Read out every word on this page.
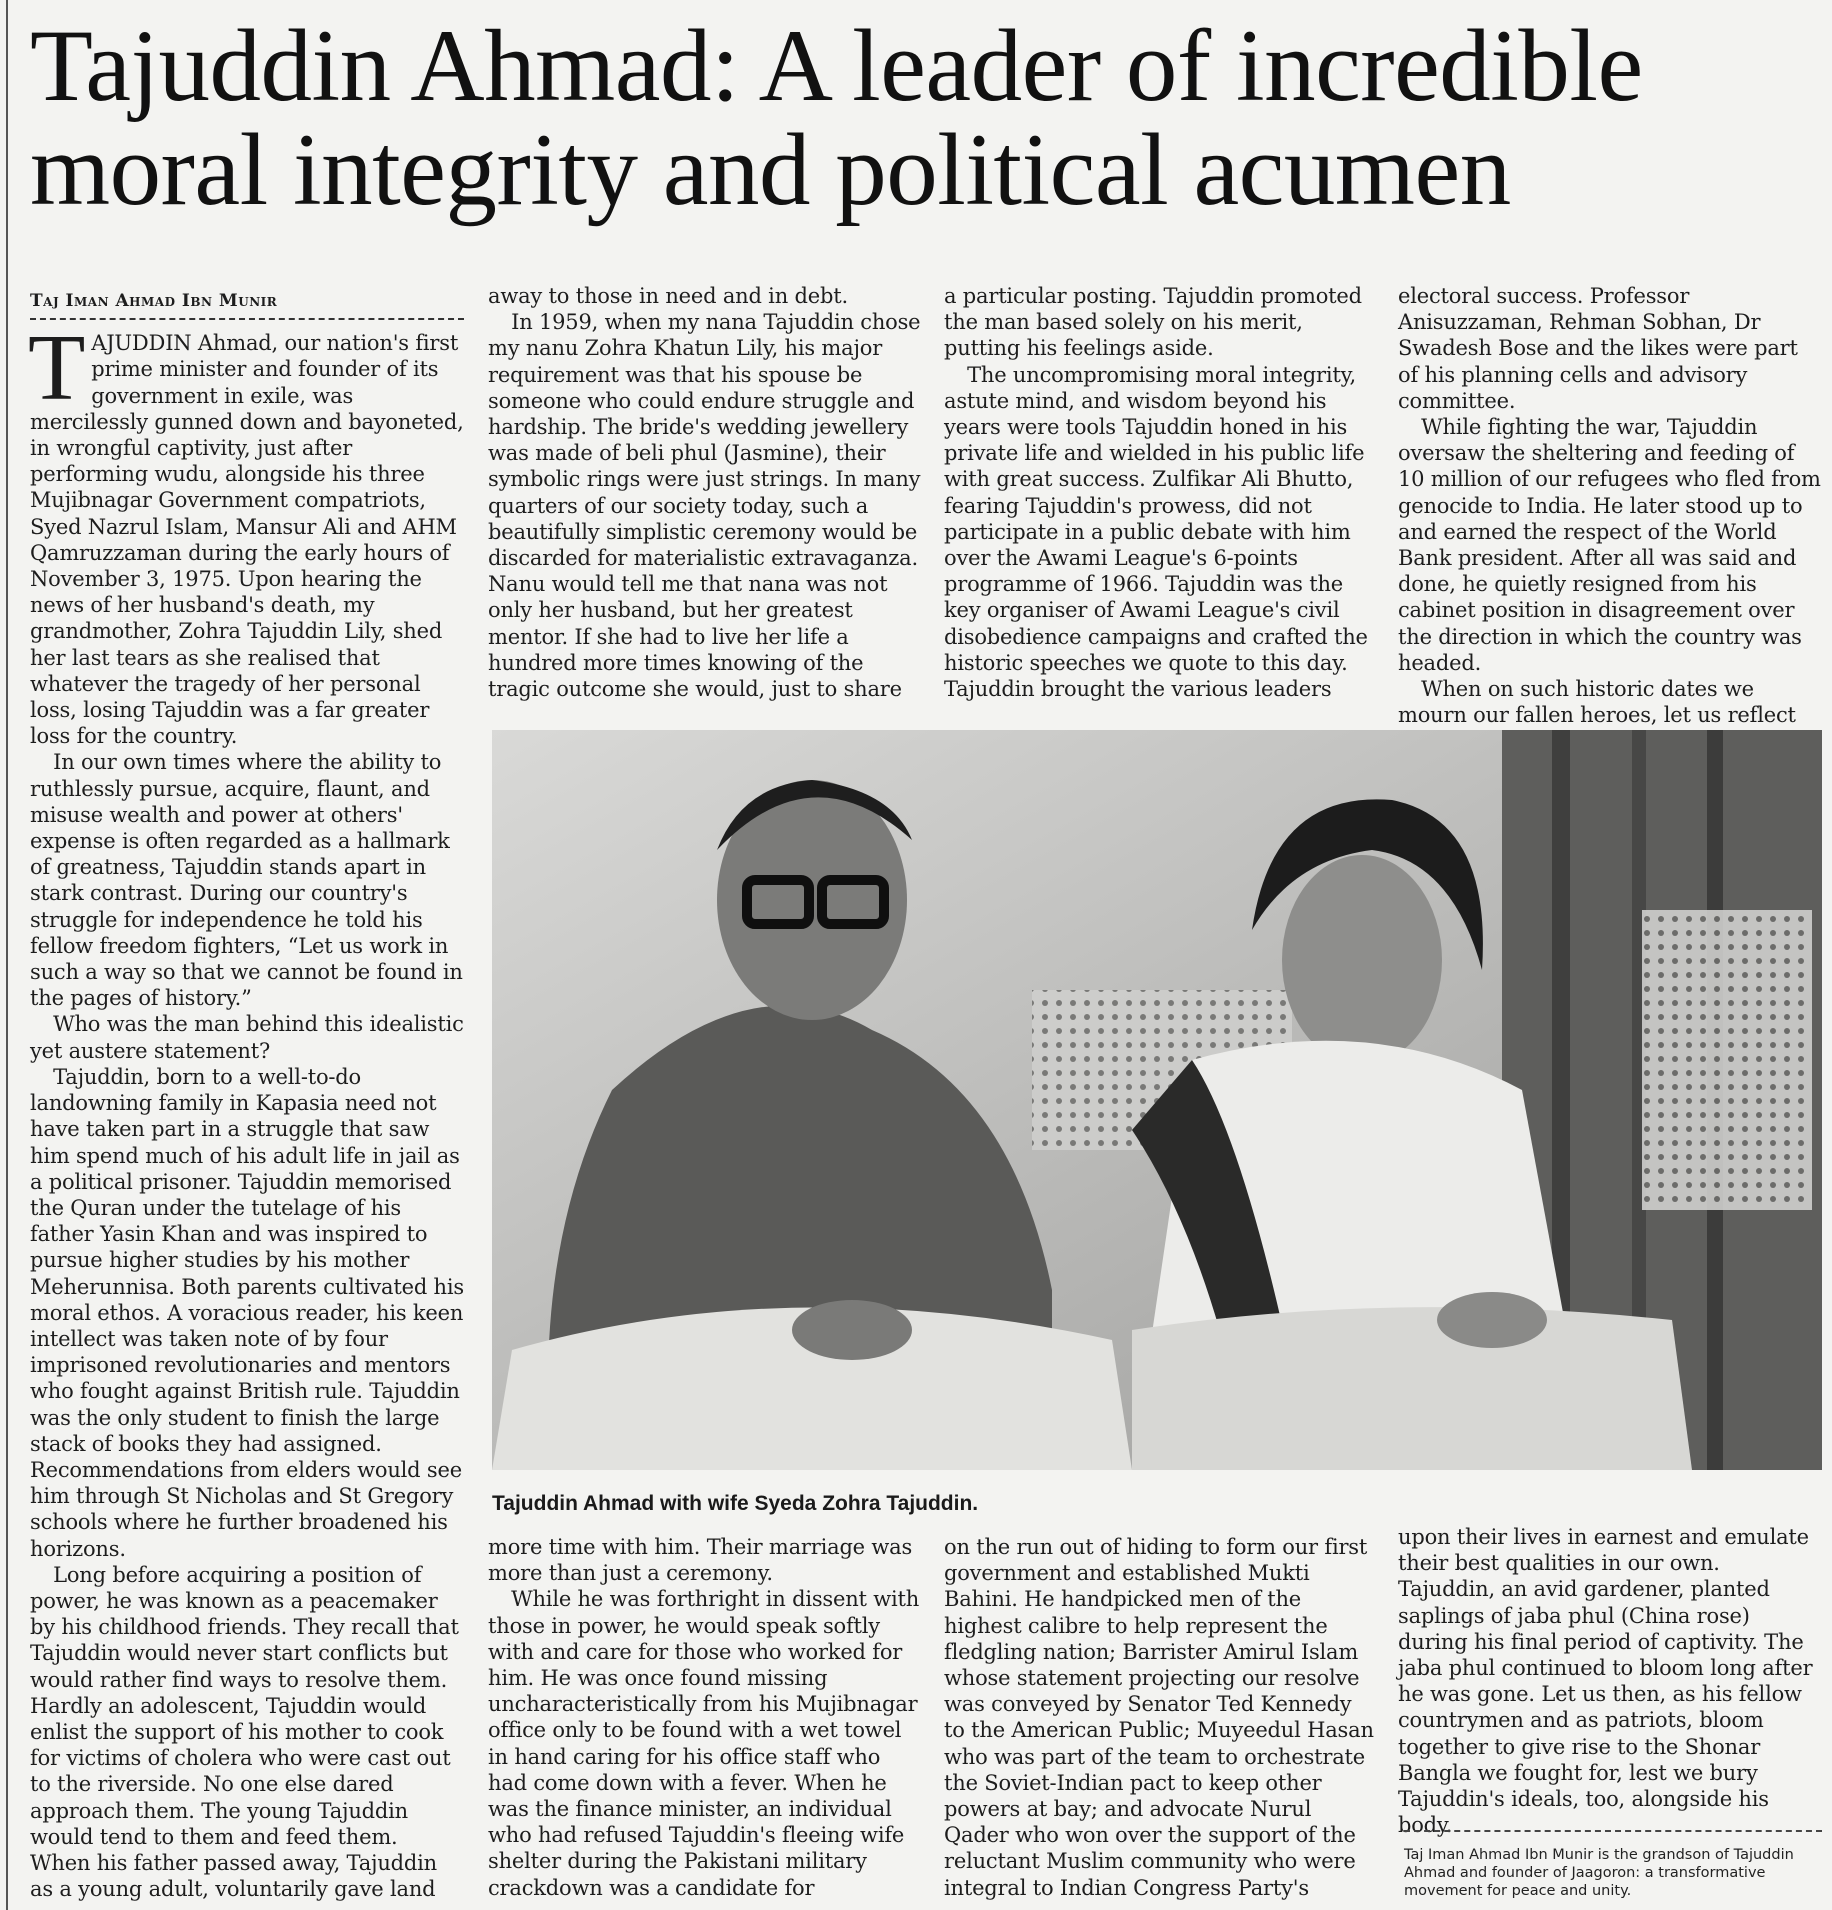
Tajuddin Ahmad: A leader of incredible moral integrity and political acumen
Taj Iman Ahmad Ibn Munir

TAJUDDIN Ahmad, our nation's first prime minister and founder of its government in exile, was mercilessly gunned down and bayoneted, in wrongful captivity, just after performing wudu, alongside his three Mujibnagar Government compatriots, Syed Nazrul Islam, Mansur Ali and AHM Qamruzzaman during the early hours of November 3, 1975. Upon hearing the news of her husband's death, my grandmother, Zohra Tajuddin Lily, shed her last tears as she realised that whatever the tragedy of her personal loss, losing Tajuddin was a far greater loss for the country.

In our own times where the ability to ruthlessly pursue, acquire, flaunt, and misuse wealth and power at others' expense is often regarded as a hallmark of greatness, Tajuddin stands apart in stark contrast. During our country's struggle for independence he told his fellow freedom fighters, “Let us work in such a way so that we cannot be found in the pages of history.”

Who was the man behind this idealistic yet austere statement?

Tajuddin, born to a well-to-do landowning family in Kapasia need not have taken part in a struggle that saw him spend much of his adult life in jail as a political prisoner. Tajuddin memorised the Quran under the tutelage of his father Yasin Khan and was inspired to pursue higher studies by his mother Meherunnisa. Both parents cultivated his moral ethos. A voracious reader, his keen intellect was taken note of by four imprisoned revolutionaries and mentors who fought against British rule. Tajuddin was the only student to finish the large stack of books they had assigned. Recommendations from elders would see him through St Nicholas and St Gregory schools where he further broadened his horizons.

Long before acquiring a position of power, he was known as a peacemaker by his childhood friends. They recall that Tajuddin would never start conflicts but would rather find ways to resolve them. Hardly an adolescent, Tajuddin would enlist the support of his mother to cook for victims of cholera who were cast out to the riverside. No one else dared approach them. The young Tajuddin would tend to them and feed them. When his father passed away, Tajuddin as a young adult, voluntarily gave land

away to those in need and in debt.

In 1959, when my nana Tajuddin chose my nanu Zohra Khatun Lily, his major requirement was that his spouse be someone who could endure struggle and hardship. The bride's wedding jewellery was made of beli phul (Jasmine), their symbolic rings were just strings. In many quarters of our society today, such a beautifully simplistic ceremony would be discarded for materialistic extravaganza. Nanu would tell me that nana was not only her husband, but her greatest mentor. If she had to live her life a hundred more times knowing of the tragic outcome she would, just to share

a particular posting. Tajuddin promoted the man based solely on his merit, putting his feelings aside.

The uncompromising moral integrity, astute mind, and wisdom beyond his years were tools Tajuddin honed in his private life and wielded in his public life with great success. Zulfikar Ali Bhutto, fearing Tajuddin's prowess, did not participate in a public debate with him over the Awami League's 6-points programme of 1966. Tajuddin was the key organiser of Awami League's civil disobedience campaigns and crafted the historic speeches we quote to this day. Tajuddin brought the various leaders

electoral success. Professor Anisuzzaman, Rehman Sobhan, Dr Swadesh Bose and the likes were part of his planning cells and advisory committee.

While fighting the war, Tajuddin oversaw the sheltering and feeding of 10 million of our refugees who fled from genocide to India. He later stood up to and earned the respect of the World Bank president. After all was said and done, he quietly resigned from his cabinet position in disagreement over the direction in which the country was headed.

When on such historic dates we mourn our fallen heroes, let us reflect

Tajuddin Ahmad with wife Syeda Zohra Tajuddin.

more time with him. Their marriage was more than just a ceremony.

While he was forthright in dissent with those in power, he would speak softly with and care for those who worked for him. He was once found missing uncharacteristically from his Mujibnagar office only to be found with a wet towel in hand caring for his office staff who had come down with a fever. When he was the finance minister, an individual who had refused Tajuddin's fleeing wife shelter during the Pakistani military crackdown was a candidate for

on the run out of hiding to form our first government and established Mukti Bahini. He handpicked men of the highest calibre to help represent the fledgling nation; Barrister Amirul Islam whose statement projecting our resolve was conveyed by Senator Ted Kennedy to the American Public; Muyeedul Hasan who was part of the team to orchestrate the Soviet-Indian pact to keep other powers at bay; and advocate Nurul Qader who won over the support of the reluctant Muslim community who were integral to Indian Congress Party's

upon their lives in earnest and emulate their best qualities in our own. Tajuddin, an avid gardener, planted saplings of jaba phul (China rose) during his final period of captivity. The jaba phul continued to bloom long after he was gone. Let us then, as his fellow countrymen and as patriots, bloom together to give rise to the Shonar Bangla we fought for, lest we bury Tajuddin's ideals, too, alongside his body.

Taj Iman Ahmad Ibn Munir is the grandson of Tajuddin Ahmad and founder of Jaagoron: a transformative movement for peace and unity.
